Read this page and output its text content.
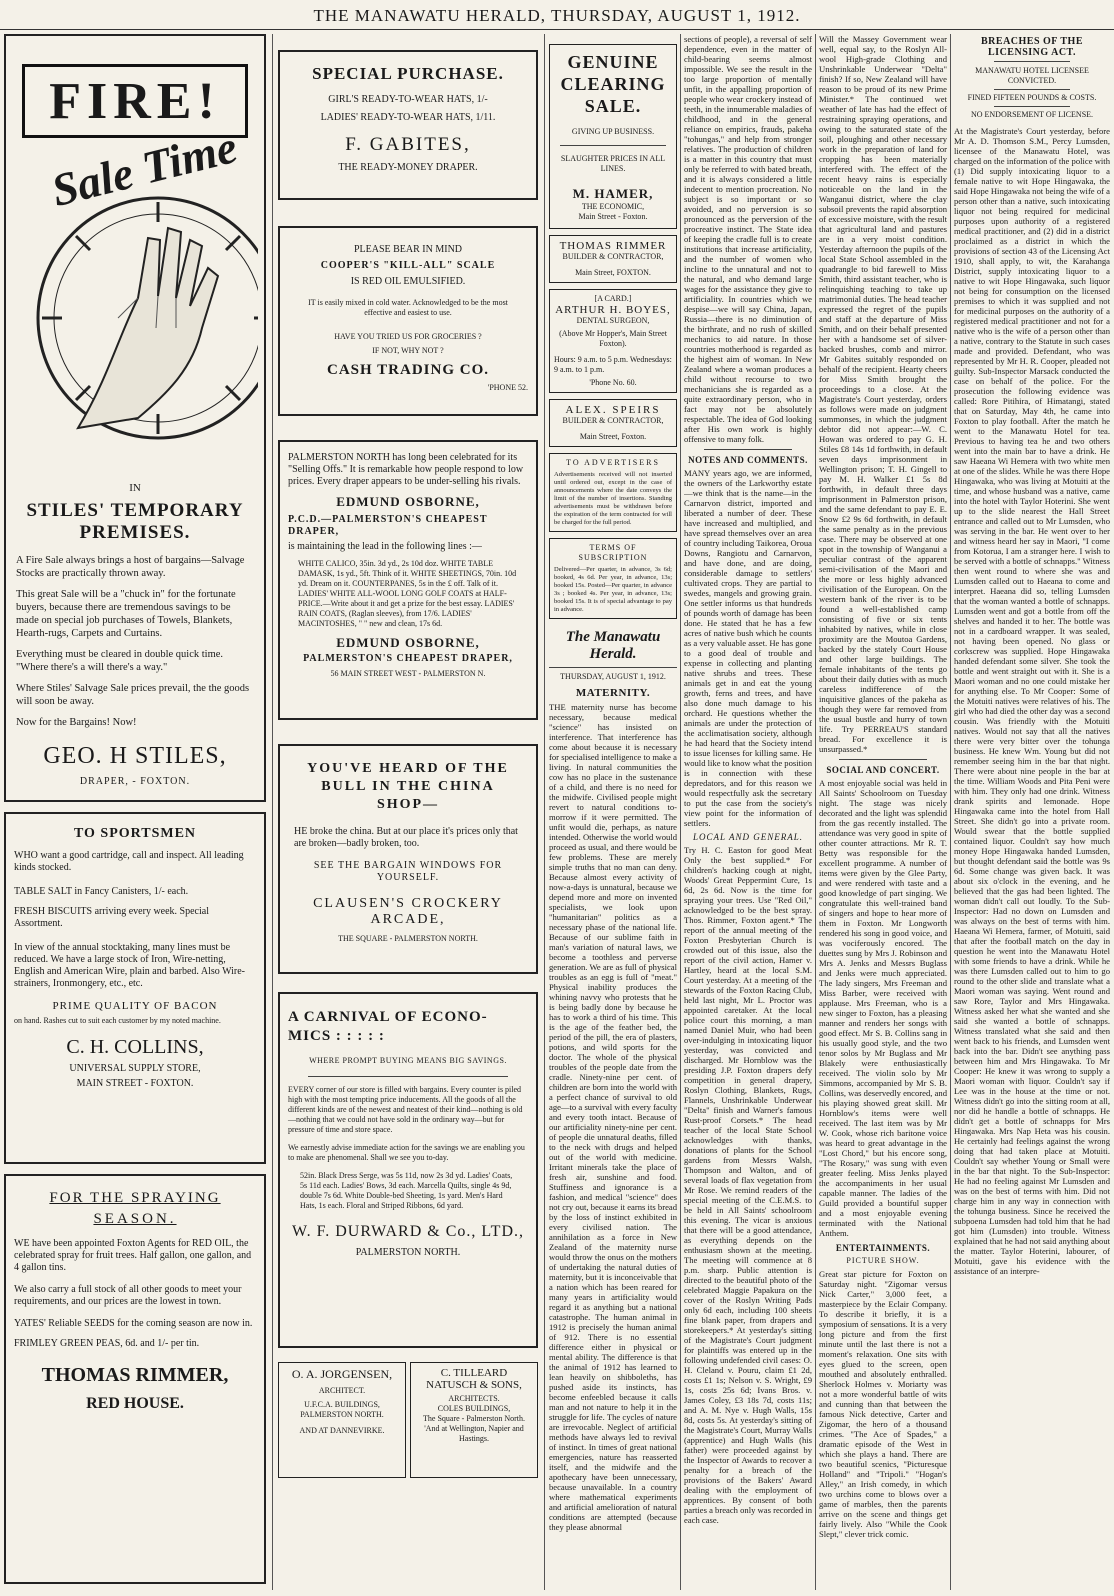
THE MANAWATU HERALD, THURSDAY, AUGUST 1, 1912.
FIRE!
Sale Time
IN
STILES' TEMPORARY
PREMISES.

A Fire Sale always brings a host of bargains—Salvage Stocks are practically thrown away.

This great Sale will be a "chuck in" for the fortunate buyers, because there are tremendous savings to be made on special job purchases of Towels, Blankets, Hearth-rugs, Carpets and Curtains.

Everything must be cleared in double quick time. "Where there's a will there's a way."

Where Stiles' Salvage Sale prices prevail, the the goods will soon be away.

Now for the Bargains! Now!

GEO. H STILES,
DRAPER, - FOXTON.
TO SPORTSMEN

WHO want a good cartridge, call and inspect. All leading kinds stocked.

TABLE SALT in Fancy Canisters, 1/- each.

FRESH BISCUITS arriving every week. Special Assortment.

In view of the annual stocktaking, many lines must be reduced. We have a large stock of Iron, Wire-netting, English and American Wire, plain and barbed. Also Wire-strainers, Ironmongery, etc., etc.

PRIME QUALITY OF BACON

on hand. Rashes cut to suit each customer by my noted machine.

C. H. COLLINS,
UNIVERSAL SUPPLY STORE,
MAIN STREET - FOXTON.
FOR THE SPRAYING
SEASON.

WE have been appointed Foxton Agents for RED OIL, the celebrated spray for fruit trees. Half gallon, one gallon, and 4 gallon tins.

We also carry a full stock of all other goods to meet your requirements, and our prices are the lowest in town.

YATES' Reliable SEEDS for the coming season are now in.

FRIMLEY GREEN PEAS, 6d. and 1/- per tin.

THOMAS RIMMER,
RED HOUSE.
SPECIAL PURCHASE.
GIRL'S READY-TO-WEAR HATS, 1/-
LADIES' READY-TO-WEAR HATS, 1/11.
F. GABITES,
THE READY-MONEY DRAPER.
PLEASE BEAR IN MIND
COOPER'S "KILL-ALL" SCALE
IS RED OIL EMULSIFIED.
IT is easily mixed in cold water. Acknowledged to be the most effective and easiest to use.
HAVE YOU TRIED US FOR GROCERIES ?
IF NOT, WHY NOT ?
CASH TRADING CO.
'PHONE 52.

PALMERSTON NORTH has long been celebrated for its "Selling Offs." It is remarkable how people respond to low prices. Every draper appears to be under-selling his rivals.

EDMUND OSBORNE,
P.C.D.—PALMERSTON'S CHEAPEST DRAPER,

is maintaining the lead in the following lines :—

WHITE CALICO, 35in. 3d yd., 2s 10d doz. WHITE TABLE DAMASK, 1s yd., 5ft. Think of it. WHITE SHEETINGS, 70in. 10d yd. Dream on it. COUNTERPANES, 5s in the £ off. Talk of it. LADIES' WHITE ALL-WOOL LONG GOLF COATS at HALF-PRICE.—Write about it and get a prize for the best essay. LADIES' RAIN COATS, (Raglan sleeves), from 17/6. LADIES' MACINTOSHES, " " new and clean, 17s 6d.

EDMUND OSBORNE,
PALMERSTON'S CHEAPEST DRAPER,
56 MAIN STREET WEST - PALMERSTON N.
YOU'VE HEARD OF THE BULL IN THE CHINA SHOP—

HE broke the china. But at our place it's prices only that are broken—badly broken, too.

SEE THE BARGAIN WINDOWS FOR YOURSELF.

CLAUSEN'S CROCKERY ARCADE,
THE SQUARE - PALMERSTON NORTH.
A CARNIVAL OF ECONO-MICS : : : : :
WHERE PROMPT BUYING MEANS BIG SAVINGS.

EVERY corner of our store is filled with bargains. Every counter is piled high with the most tempting price inducements. All the goods of all the different kinds are of the newest and neatest of their kind—nothing is old—nothing that we could not have sold in the ordinary way—but for pressure of time and store space.

We earnestly advise immediate action for the savings we are enabling you to make are phenomenal. Shall we see you to-day.

52in. Black Dress Serge, was 5s 11d, now 2s 3d yd. Ladies' Coats, 5s 11d each. Ladies' Bows, 3d each. Marcella Quilts, single 4s 9d, double 7s 6d. White Double-bed Sheeting, 1s yard. Men's Hard Hats, 1s each. Floral and Striped Ribbons, 6d yard.

W. F. DURWARD & Co., LTD.,
PALMERSTON NORTH.
O. A. JORGENSEN,
ARCHITECT.
U.F.C.A. BUILDINGS, PALMERSTON NORTH.
AND AT DANNEVIRKE.
C. TILLEARD NATUSCH & SONS,
ARCHITECTS.
COLES BUILDINGS,
The Square - Palmerston North.
'And at Wellington, Napier and Hastings.
GENUINE
CLEARING
SALE.
GIVING UP BUSINESS.
SLAUGHTER PRICES IN ALL LINES.
M. HAMER,
THE ECONOMIC,
Main Street - Foxton.
THOMAS RIMMER
BUILDER & CONTRACTOR,
Main Street, FOXTON.
[A CARD.]
ARTHUR H. BOYES,
DENTAL SURGEON,
(Above Mr Hopper's, Main Street Foxton).
Hours: 9 a.m. to 5 p.m. Wednesdays: 9 a.m. to 1 p.m.
'Phone No. 60.
ALEX. SPEIRS
BUILDER & CONTRACTOR,
Main Street, Foxton.
TO ADVERTISERS

Advertisements received will not inserted until ordered out, except in the case of announcements where the date conveys the limit of the number of insertions. Standing advertisements must be withdrawn before the expiration of the term contracted for will be charged for the full period.

TERMS OF SUBSCRIPTION

Delivered—Per quarter, in advance, 3s 6d; booked, 4s 6d. Per year, in advance, 13s; booked 15s. Posted—Per quarter, in advance 3s ; booked 4s. Per year, in advance, 13s; booked 15s. It is of special advantage to pay in advance.

The Manawatu Herald.
THURSDAY, AUGUST 1, 1912.
MATERNITY.
THE maternity nurse has become necessary, because medical "science" has insisted on interference. That interference has come about because it is necessary for specialised intelligence to make a living. In natural communities the cow has no place in the sustenance of a child, and there is no need for the midwife. Civilised people might revert to natural conditions to-morrow if it were permitted. The unfit would die, perhaps, as nature intended. Otherwise the world would proceed as usual, and there would be few problems. These are merely simple truths that no man can deny. Because almost every activity of now-a-days is unnatural, because we depend more and more on invented specialists, we look upon "humanitarian" politics as a necessary phase of the national life. Because of our sublime faith in man's variation of natural laws, we become a toothless and perverse generation. We are as full of physical troubles as an egg is full of "meat." Physical inability produces the whining navvy who protests that he is being badly done by because he has to work a third of his time. This is the age of the feather bed, the period of the pill, the era of plasters, potions, and wild sports for the doctor. The whole of the physical troubles of the people date from the cradle. Ninety-nine per cent. of children are born into the world with a perfect chance of survival to old age—to a survival with every faculty and every tooth intact. Because of our artificiality ninety-nine per cent. of people die unnatural deaths, filled to the neck with drugs and helped out of the world with medicine. Irritant minerals take the place of fresh air, sunshine and food. Stuffiness and ignorance is a fashion, and medical "science" does not cry out, because it earns its bread by the loss of instinct exhibited in every civilised nation. The annihilation as a force in New Zealand of the maternity nurse would throw the onus on the mothers of undertaking the natural duties of maternity, but it is inconceivable that a nation which has been reared for many years in artificiality would regard it as anything but a national catastrophe. The human animal in 1912 is precisely the human animal of 912. There is no essential difference either in physical or mental ability. The difference is that the animal of 1912 has learned to lean heavily on shibboleths, has pushed aside its instincts, has become enfeebled because it calls man and not nature to help it in the struggle for life. The cycles of nature are irrevocable. Neglect of artificial methods have always led to revival of instinct. In times of great national emergencies, nature has reasserted itself, and the midwife and the apothecary have been unnecessary, because unavailable. In a country where mathematical experiments and artificial amelioration of natural conditions are attempted (because they please abnormal
sections of people), a reversal of self dependence, even in the matter of child-bearing seems almost impossible. We see the result in the too large proportion of mentally unfit, in the appalling proportion of people who wear crockery instead of teeth, in the innumerable maladies of childhood, and in the general reliance on empirics, frauds, pakeha "tohungas," and help from stronger relatives. The production of children is a matter in this country that must only be referred to with bated breath, and it is always considered a little indecent to mention procreation. No subject is so important or so avoided, and no perversion is so pronounced as the perversion of the procreative instinct. The State idea of keeping the cradle full is to create institutions that increase artificiality, and the number of women who incline to the unnatural and not to the natural, and who demand large wages for the assistance they give to artificiality. In countries which we despise—we will say China, Japan, Russia—there is no diminution of the birthrate, and no rush of skilled mechanics to aid nature. In those countries motherhood is regarded as the highest aim of woman. In New Zealand where a woman produces a child without recourse to two mechanicians she is regarded as a quite extraordinary person, who in fact may not be absolutely respectable. The idea of God looking after His own work is highly offensive to many folk.
NOTES AND COMMENTS.
MANY years ago, we are informed, the owners of the Larkworthy estate—we think that is the name—in the Carnarvon district, imported and liberated a number of deer. These have increased and multiplied, and have spread themselves over an area of country including Taikorea, Oroua Downs, Rangiotu and Carnarvon, and have done, and are doing, considerable damage to settlers' cultivated crops. They are partial to swedes, mangels and growing grain. One settler informs us that hundreds of pounds worth of damage has been done. He stated that he has a few acres of native bush which he counts as a very valuable asset. He has gone to a good deal of trouble and expense in collecting and planting native shrubs and trees. These animals get in and eat the young growth, ferns and trees, and have also done much damage to his orchard. He questions whether the animals are under the protection of the acclimatisation society, although he had heard that the Society intend to issue licenses for killing same. He would like to know what the position is in connection with these depredators, and for this reason we would respectfully ask the secretary to put the case from the society's view point for the information of settlers.
LOCAL AND GENERAL.
Try H. C. Easton for good Meat Only the best supplied.* For children's hacking cough at night, Woods' Great Peppermint Cure, 1s 6d, 2s 6d. Now is the time for spraying your trees. Use "Red Oil," acknowledged to be the best spray. Thos. Rimmer, Foxton agent.* The report of the annual meeting of the Foxton Presbyterian Church is crowded out of this issue, also the report of the civil action, Hamer v. Hartley, heard at the local S.M. Court yesterday. At a meeting of the stewards of the Foxton Racing Club, held last night, Mr L. Proctor was appointed caretaker. At the local police court this morning, a man named Daniel Muir, who had been over-indulging in intoxicating liquor yesterday, was convicted and discharged. Mr Hornblow was the presiding J.P. Foxton drapers defy competition in general drapery, Roslyn Clothing, Blankets, Rugs, Flannels, Unshrinkable Underwear "Delta" finish and Warner's famous Rust-proof Corsets.* The head teacher of the local State School acknowledges with thanks, donations of plants for the School gardens from Messrs Walsh, Thompson and Walton, and of several loads of flax vegetation from Mr Rose. We remind readers of the special meeting of the C.E.M.S. to be held in All Saints' schoolroom this evening. The vicar is anxious that there will be a good attendance, as everything depends on the enthusiasm shown at the meeting. The meeting will commence at 8 p.m. sharp. Public attention is directed to the beautiful photo of the celebrated Maggie Papakura on the cover of the Roslyn Writing Pads only 6d each, including 100 sheets fine blank paper, from drapers and storekeepers.* At yesterday's sitting of the Magistrate's Court judgment for plaintiffs was entered up in the following undefended civil cases: O. H. Cleland v. Pouru, claim £1 2d, costs £1 1s; Nelson v. S. Wright, £9 1s, costs 25s 6d; Ivans Bros. v. James Coley, £3 18s 7d, costs 11s; and A. M. Nye v. Hugh Walls, 15s 8d, costs 5s. At yesterday's sitting of the Magistrate's Court, Murray Walls (apprentice) and Hugh Walls (his father) were proceeded against by the Inspector of Awards to recover a penalty for a breach of the provisions of the Bakers' Award dealing with the employment of apprentices. By consent of both parties a breach only was recorded in each case.
Will the Massey Government wear well, equal say, to the Roslyn All-wool High-grade Clothing and Unshrinkable Underwear "Delta" finish? If so, New Zealand will have reason to be proud of its new Prime Minister.* The continued wet weather of late has had the effect of restraining spraying operations, and owing to the saturated state of the soil, ploughing and other necessary work in the preparation of land for cropping has been materially interfered with. The effect of the recent heavy rains is especially noticeable on the land in the Wanganui district, where the clay subsoil prevents the rapid absorption of excessive moisture, with the result that agricultural land and pastures are in a very moist condition. Yesterday afternoon the pupils of the local State School assembled in the quadrangle to bid farewell to Miss Smith, third assistant teacher, who is relinquishing teaching to take up matrimonial duties. The head teacher expressed the regret of the pupils and staff at the departure of Miss Smith, and on their behalf presented her with a handsome set of silver-backed brushes, comb and mirror. Mr Gabites suitably responded on behalf of the recipient. Hearty cheers for Miss Smith brought the proceedings to a close. At the Magistrate's Court yesterday, orders as follows were made on judgment summonses, in which the judgment debtor did not appear:—W. C. Howan was ordered to pay G. H. Stiles £8 14s 1d forthwith, in default seven days imprisonment in Wellington prison; T. H. Gingell to pay M. H. Walker £1 5s 8d forthwith, in default three days imprisonment in Palmerston prison, and the same defendant to pay E. E. Snow £2 9s 6d forthwith, in default the same penalty as in the previous case. There may be observed at one spot in the township of Wanganui a peculiar contrast of the apparent semi-civilisation of the Maori and the more or less highly advanced civilisation of the European. On the western bank of the river is to be found a well-established camp consisting of five or six tents inhabited by natives, while in close proximity are the Moutoa Gardens, backed by the stately Court House and other large buildings. The female inhabitants of the tents go about their daily duties with as much careless indifference of the inquisitive glances of the pakeha as though they were far removed from the usual bustle and hurry of town life. Try PERREAU'S standard bread. For excellence it is unsurpassed.*
SOCIAL AND CONCERT.
A most enjoyable social was held in All Saints' Schoolroom on Tuesday night. The stage was nicely decorated and the light was splendid from the gas recently installed. The attendance was very good in spite of other counter attractions. Mr R. T. Betty was responsible for the excellent programme. A number of items were given by the Glee Party, and were rendered with taste and a good knowledge of part singing. We congratulate this well-trained band of singers and hope to hear more of them in Foxton. Mr Longworth rendered his song in good voice, and was vociferously encored. The duettes sung by Mrs J. Robinson and Mrs A. Jenks and Messrs Buglass and Jenks were much appreciated. The lady singers, Mrs Freeman and Miss Barber, were received with applause. Mrs Freeman, who is a new singer to Foxton, has a pleasing manner and renders her songs with good effect. Mr S. B. Collins sang in his usually good style, and the two tenor solos by Mr Buglass and Mr Blakely were enthusiastically received. The violin solo by Mr Simmons, accompanied by Mr S. B. Collins, was deservedly encored, and his playing showed great skill. Mr Hornblow's items were well received. The last item was by Mr W. Cook, whose rich baritone voice was heard to great advantage in the "Lost Chord," but his encore song, "The Rosary," was sung with even greater feeling. Miss Jenks played the accompaniments in her usual capable manner. The ladies of the Guild provided a bountiful supper and a most enjoyable evening terminated with the National Anthem.
ENTERTAINMENTS.
PICTURE SHOW.
Great star picture for Foxton on Saturday night. "Zigomar versus Nick Carter," 3,000 feet, a masterpiece by the Eclair Company. To describe it briefly, it is a symposium of sensations. It is a very long picture and from the first minute until the last there is not a moment's relaxation. One sits with eyes glued to the screen, open mouthed and absolutely enthralled. Sherlock Holmes v. Moriarty was not a more wonderful battle of wits and cunning than that between the famous Nick detective, Carter and Zigomar, the hero of a thousand crimes. "The Ace of Spades," a dramatic episode of the West in which she plays a hand. There are two beautiful scenics, "Picturesque Holland" and "Tripoli." "Hogan's Alley," an Irish comedy, in which two urchins come to blows over a game of marbles, then the parents arrive on the scene and things get fairly lively. Also "While the Cook Slept," clever trick comic.
BREACHES OF THE LICENSING ACT.
MANAWATU HOTEL LICENSEE CONVICTED.
FINED FIFTEEN POUNDS & COSTS.
NO ENDORSEMENT OF LICENSE.
At the Magistrate's Court yesterday, before Mr A. D. Thomson S.M., Percy Lumsden, licensee of the Manawatu Hotel, was charged on the information of the police with (1) Did supply intoxicating liquor to a female native to wit Hope Hingawaka, the said Hope Hingawaka not being the wife of a person other than a native, such intoxicating liquor not being required for medicinal purposes upon authority of a registered medical practitioner, and (2) did in a district proclaimed as a district in which the provisions of section 43 of the Licensing Act 1910, shall apply, to wit, the Karahanga District, supply intoxicating liquor to a native to wit Hope Hingawaka, such liquor not being for consumption on the licensed premises to which it was supplied and not for medicinal purposes on the authority of a registered medical practitioner and not for a native who is the wife of a person other than a native, contrary to the Statute in such cases made and provided. Defendant, who was represented by Mr H. R. Cooper, pleaded not guilty. Sub-Inspector Marsack conducted the case on behalf of the police. For the prosecution the following evidence was called: Rore Pitihira, of Himatangi, stated that on Saturday, May 4th, he came into Foxton to play football. After the match he went to the Manawatu Hotel for tea. Previous to having tea he and two others went into the main bar to have a drink. He saw Haeana Wi Hemera with two white men at one of the slides. While he was there Hope Hingawaka, who was living at Motuiti at the time, and whose husband was a native, came into the hotel with Taylor Hoterini. She went up to the slide nearest the Hall Street entrance and called out to Mr Lumsden, who was serving in the bar. He went over to her and witness heard her say in Maori, "I come from Kotorua, I am a stranger here. I wish to be served with a bottle of schnapps." Witness then went round to where she was and Lumsden called out to Haeana to come and interpret. Haeana did so, telling Lumsden that the woman wanted a bottle of schnapps. Lumsden went and got a bottle from off the shelves and handed it to her. The bottle was not in a cardboard wrapper. It was sealed, not having been opened. No glass or corkscrew was supplied. Hope Hingawaka handed defendant some silver. She took the bottle and went straight out with it. She is a Maori woman and no one could mistake her for anything else. To Mr Cooper: Some of the Motuiti natives were relatives of his. The girl who had died the other day was a second cousin. Was friendly with the Motuiti natives. Would not say that all the natives there were very bitter over the tohunga business. He knew Wm. Young but did not remember seeing him in the bar that night. There were about nine people in the bar at the time. William Woods and Pita Peni were with him. They only had one drink. Witness drank spirits and lemonade. Hope Hingawaka came into the hotel from Hall Street. She didn't go into a private room. Would swear that the bottle supplied contained liquor. Couldn't say how much money Hope Hingawaka handed Lumsden, but thought defendant said the bottle was 9s 6d. Some change was given back. It was about six o'clock in the evening, and he believed that the gas had been lighted. The woman didn't call out loudly. To the Sub-Inspector: Had no down on Lumsden and was always on the best of terms with him. Haeana Wi Hemera, farmer, of Motuiti, said that after the football match on the day in question he went into the Manawatu Hotel with some friends to have a drink. While he was there Lumsden called out to him to go round to the other slide and translate what a Maori woman was saying. Went round and saw Rore, Taylor and Mrs Hingawaka. Witness asked her what she wanted and she said she wanted a bottle of schnapps. Witness translated what she said and then went back to his friends, and Lumsden went back into the bar. Didn't see anything pass between him and Mrs Hingawaka. To Mr Cooper: He knew it was wrong to supply a Maori woman with liquor. Couldn't say if Lee was in the house at the time or not. Witness didn't go into the sitting room at all, nor did he handle a bottle of schnapps. He didn't get a bottle of schnapps for Mrs Hingawaka. Mrs Nap Heta was his cousin. He certainly had feelings against the wrong doing that had taken place at Motuiti. Couldn't say whether Young or Small were in the bar that night. To the Sub-Inspector: He had no feeling against Mr Lumsden and was on the best of terms with him. Did not charge him in any way in connection with the tohunga business. Since he received the subpoena Lumsden had told him that he had got him (Lumsden) into trouble. Witness explained that he had not said anything about the matter. Taylor Hoterini, labourer, of Motuiti, gave his evidence with the assistance of an interpre-
